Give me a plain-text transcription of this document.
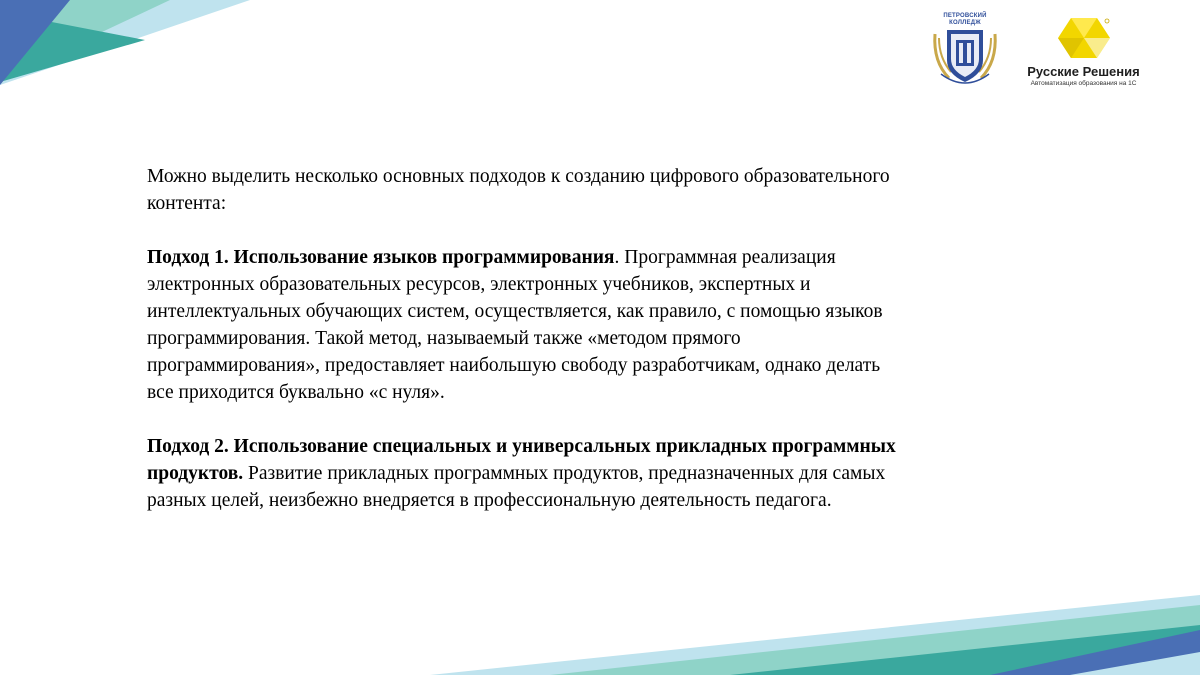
ПЕТРОВСКИЙ
КОЛЛЕДЖ
Русские Решения
Автоматизация образования на 1С

Можно выделить несколько основных подходов к созданию цифрового образовательного контента:

Подход 1. Использование языков программирования. Программная реализация электронных образовательных ресурсов, электронных учебников, экспертных и интеллектуальных обучающих систем, осуществляется, как правило, с помощью языков программирования. Такой метод, называемый также «методом прямого программирования», предоставляет наибольшую свободу разработчикам, однако делать все приходится буквально «с нуля».

Подход 2. Использование специальных и универсальных прикладных программных продуктов. Развитие прикладных программных продуктов, предназначенных для самых разных целей, неизбежно внедряется в профессиональную деятельность педагога.
